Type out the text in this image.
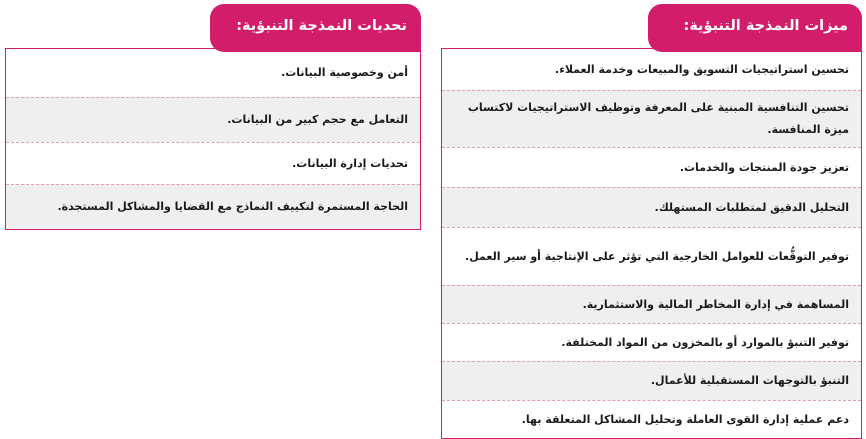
تحسين استراتيجيات التسويق والمبيعات وخدمة العملاء.
تحسين التنافسية المبنية على المعرفة وتوظيف الاستراتيجيات لاكتساب ميزة المنافسة.
تعزيز جودة المنتجات والخدمات.
التحليل الدقيق لمتطلبات المستهلك.
توفير التوقُّعات للعوامل الخارجية التي تؤثر على الإنتاجية أو سير العمل.
المساهمة في إدارة المخاطر المالية والاستثمارية.
توفير التنبؤ بالموارد أو بالمخزون من المواد المختلفة.
التنبؤ بالتوجهات المستقبلية للأعمال.
دعم عملية إدارة القوى العاملة وتحليل المشاكل المتعلقة بها.
ميزات النمذجة التنبؤية:
أمن وخصوصية البيانات.
التعامل مع حجم كبير من البيانات.
تحديات إدارة البيانات.
الحاجة المستمرة لتكييف النماذج مع القضايا والمشاكل المستجدة.
تحديات النمذجة التنبؤية:
